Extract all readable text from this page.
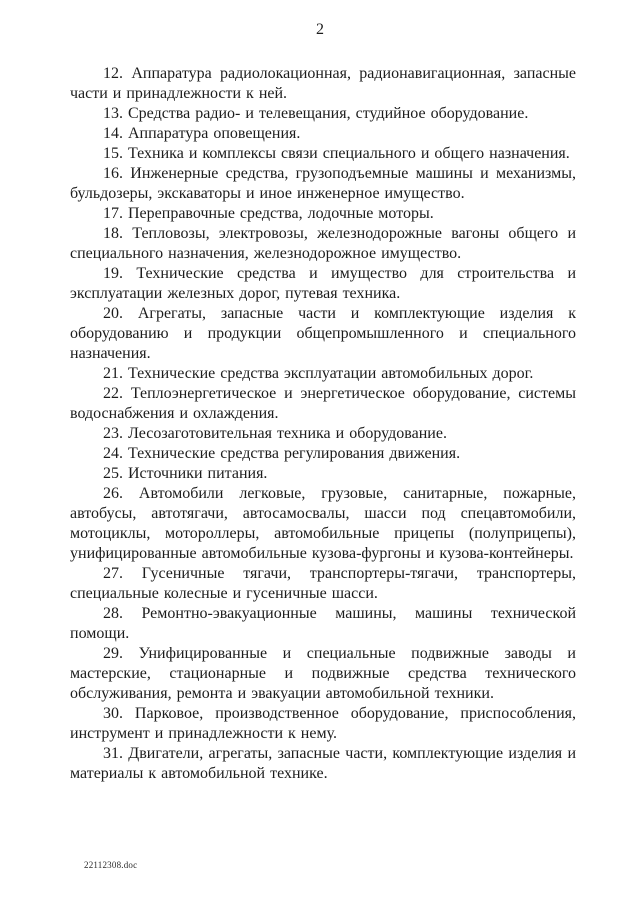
2

12. Аппаратура радиолокационная, радионавигационная, запасные части и принадлежности к ней.

13. Средства радио- и телевещания, студийное оборудование.

14. Аппаратура оповещения.

15. Техника и комплексы связи специального и общего назначения.

16. Инженерные средства, грузоподъемные машины и механизмы, бульдозеры, экскаваторы и иное инженерное имущество.

17. Переправочные средства, лодочные моторы.

18. Тепловозы, электровозы, железнодорожные вагоны общего и специального назначения, железнодорожное имущество.

19. Технические средства и имущество для строительства и эксплуатации железных дорог, путевая техника.

20. Агрегаты, запасные части и комплектующие изделия к оборудованию и продукции общепромышленного и специального назначения.

21. Технические средства эксплуатации автомобильных дорог.

22. Теплоэнергетическое и энергетическое оборудование, системы водоснабжения и охлаждения.

23. Лесозаготовительная техника и оборудование.

24. Технические средства регулирования движения.

25. Источники питания.

26. Автомобили легковые, грузовые, санитарные, пожарные, автобусы, автотягачи, автосамосвалы, шасси под спецавтомобили, мотоциклы, мотороллеры, автомобильные прицепы (полуприцепы), унифицированные автомобильные кузова-фургоны и кузова-контейнеры.

27. Гусеничные тягачи, транспортеры-тягачи, транспортеры, специальные колесные и гусеничные шасси.

28. Ремонтно-эвакуационные машины, машины технической помощи.

29. Унифицированные и специальные подвижные заводы и мастерские, стационарные и подвижные средства технического обслуживания, ремонта и эвакуации автомобильной техники.

30. Парковое, производственное оборудование, приспособления, инструмент и принадлежности к нему.

31. Двигатели, агрегаты, запасные части, комплектующие изделия и материалы к автомобильной технике.

22112308.doc
